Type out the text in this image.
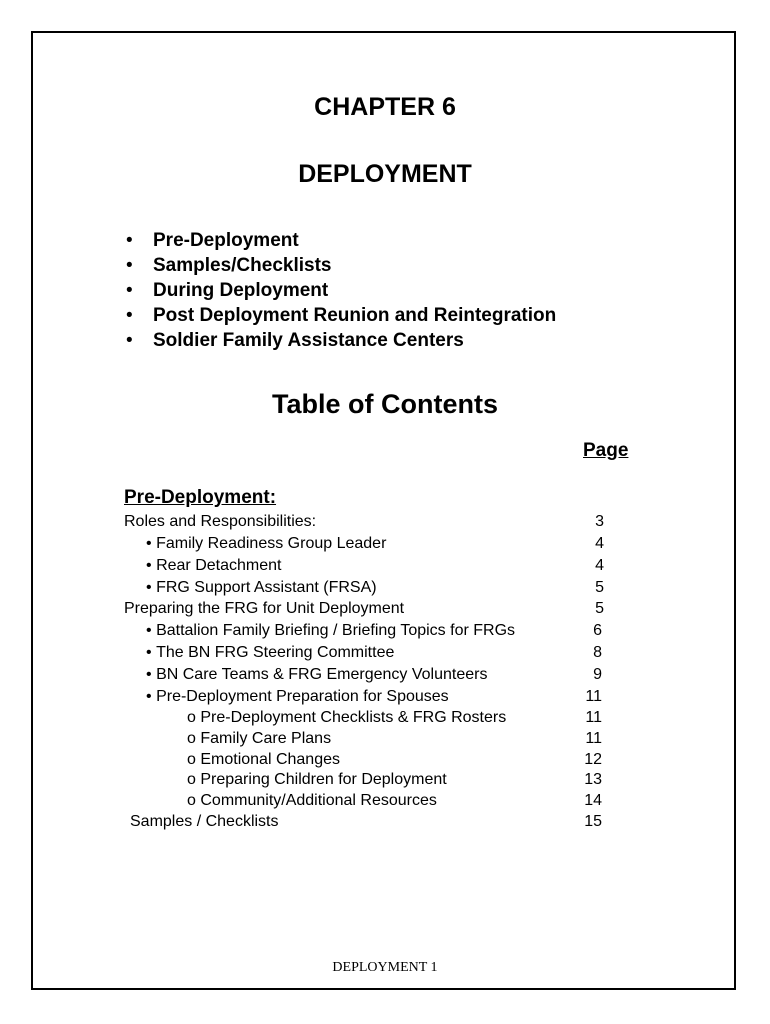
CHAPTER 6
DEPLOYMENT
• Pre-Deployment
• Samples/Checklists
• During Deployment
• Post Deployment Reunion and Reintegration
• Soldier Family Assistance Centers
Table of Contents
Page
Pre-Deployment:
Roles and Responsibilities:	3
• Family Readiness Group Leader	4
• Rear Detachment	4
• FRG Support Assistant (FRSA)	5
Preparing the FRG for Unit Deployment	5
• Battalion Family Briefing / Briefing Topics for FRGs	6
• The BN FRG Steering Committee	8
• BN Care Teams & FRG Emergency Volunteers	9
• Pre-Deployment Preparation for Spouses	11
o Pre-Deployment Checklists & FRG Rosters	11
o Family Care Plans	11
o Emotional Changes	12
o Preparing Children for Deployment	13
o Community/Additional Resources	14
Samples / Checklists	15
DEPLOYMENT 1
